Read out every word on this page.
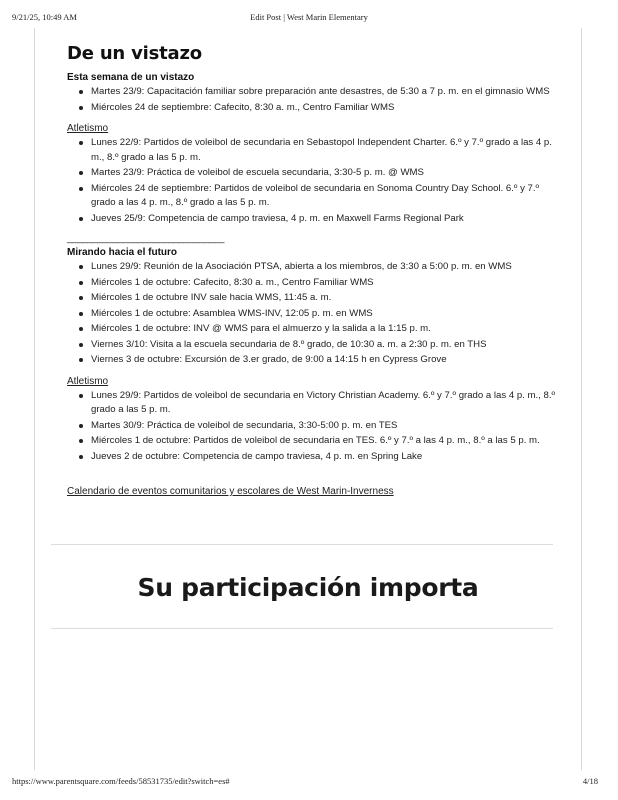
9/21/25, 10:49 AM	Edit Post | West Marin Elementary
De un vistazo
Esta semana de un vistazo
Martes 23/9: Capacitación familiar sobre preparación ante desastres, de 5:30 a 7 p. m. en el gimnasio WMS
Miércoles 24 de septiembre: Cafecito, 8:30 a. m., Centro Familiar WMS
Atletismo
Lunes 22/9: Partidos de voleibol de secundaria en Sebastopol Independent Charter. 6.º y 7.º grado a las 4 p. m., 8.º grado a las 5 p. m.
Martes 23/9: Práctica de voleibol de escuela secundaria, 3:30-5 p. m. @ WMS
Miércoles 24 de septiembre: Partidos de voleibol de secundaria en Sonoma Country Day School. 6.º y 7.º grado a las 4 p. m., 8.º grado a las 5 p. m.
Jueves 25/9: Competencia de campo traviesa, 4 p. m. en Maxwell Farms Regional Park
_______________________________
Mirando hacia el futuro
Lunes 29/9: Reunión de la Asociación PTSA, abierta a los miembros, de 3:30 a 5:00 p. m. en WMS
Miércoles 1 de octubre: Cafecito, 8:30 a. m., Centro Familiar WMS
Miércoles 1 de octubre INV sale hacia WMS, 11:45 a. m.
Miércoles 1 de octubre: Asamblea WMS-INV, 12:05 p. m. en WMS
Miércoles 1 de octubre: INV @ WMS para el almuerzo y la salida a la 1:15 p. m.
Viernes 3/10: Visita a la escuela secundaria de 8.º grado, de 10:30 a. m. a 2:30 p. m. en THS
Viernes 3 de octubre: Excursión de 3.er grado, de 9:00 a 14:15 h en Cypress Grove
Atletismo
Lunes 29/9: Partidos de voleibol de secundaria en Victory Christian Academy. 6.º y 7.º grado a las 4 p. m., 8.º grado a las 5 p. m.
Martes 30/9: Práctica de voleibol de secundaria, 3:30-5:00 p. m. en TES
Miércoles 1 de octubre: Partidos de voleibol de secundaria en TES. 6.º y 7.º a las 4 p. m., 8.º a las 5 p. m.
Jueves 2 de octubre: Competencia de campo traviesa, 4 p. m. en Spring Lake
Calendario de eventos comunitarios y escolares de West Marin-Inverness
Su participación importa
https://www.parentsquare.com/feeds/58531735/edit?switch=es#	4/18
